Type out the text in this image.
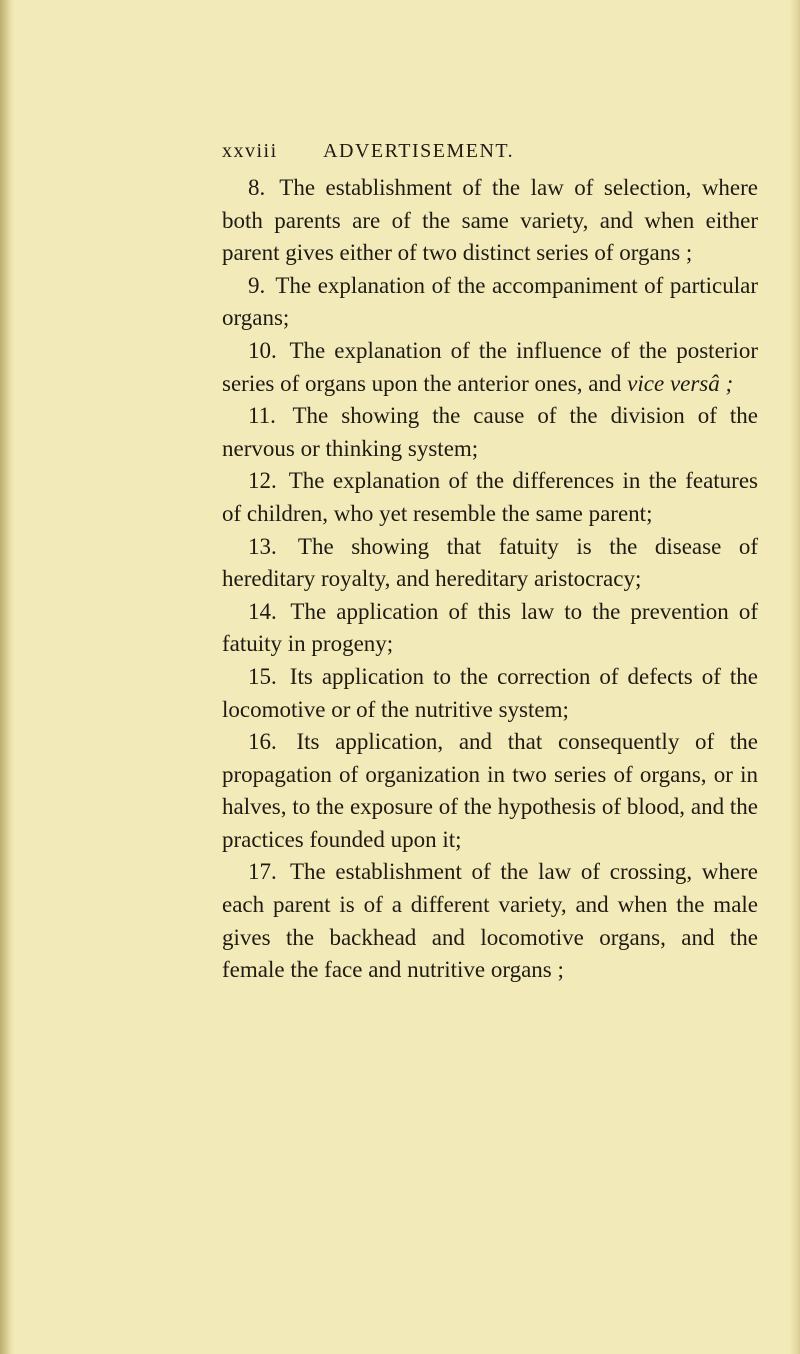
xxviii ADVERTISEMENT.

8. The establishment of the law of selection, where both parents are of the same variety, and when either parent gives either of two distinct series of organs ;

9. The explanation of the accompaniment of particular organs;

10. The explanation of the influence of the posterior series of organs upon the anterior ones, and vice versâ ;

11. The showing the cause of the division of the nervous or thinking system;

12. The explanation of the differences in the features of children, who yet resemble the same parent;

13. The showing that fatuity is the disease of hereditary royalty, and hereditary aristocracy;

14. The application of this law to the prevention of fatuity in progeny;

15. Its application to the correction of defects of the locomotive or of the nutritive system;

16. Its application, and that consequently of the propagation of organization in two series of organs, or in halves, to the exposure of the hypothesis of blood, and the practices founded upon it;

17. The establishment of the law of crossing, where each parent is of a different variety, and when the male gives the backhead and locomotive organs, and the female the face and nutritive organs ;
